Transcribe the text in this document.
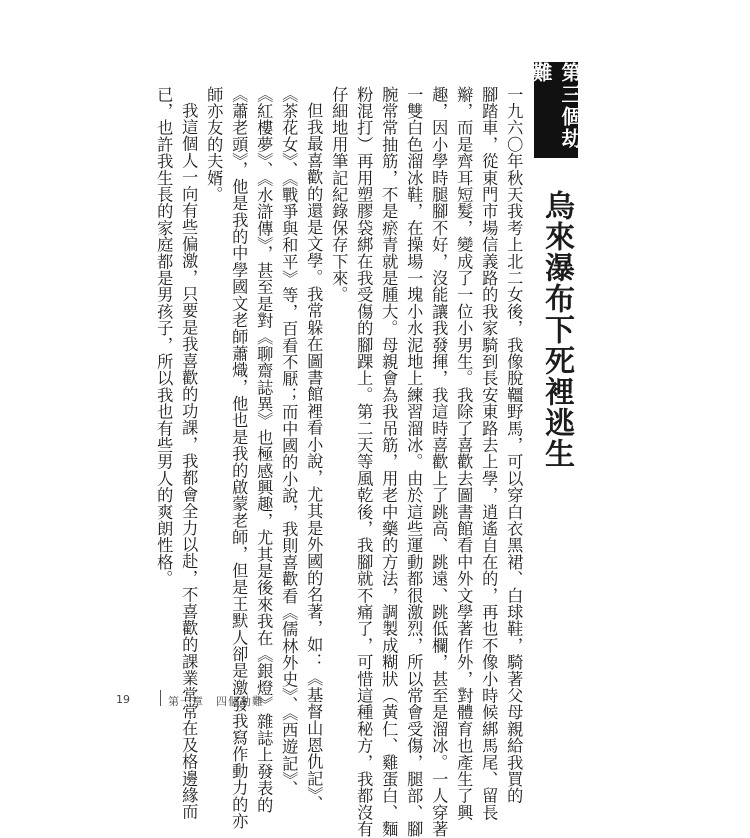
第三個劫難
烏來瀑布下死裡逃生
一九六〇年秋天我考上北二女後，我像脫韁野馬，可以穿白衣黑裙、白球鞋，騎著父母親給我買的
腳踏車，從東門市場信義路的我家騎到長安東路去上學，逍遙自在的，再也不像小時候綁馬尾、留長
辮，而是齊耳短髮，變成了一位小男生。我除了喜歡去圖書館看中外文學著作外，對體育也產生了興
趣，因小學時腿腳不好，沒能讓我發揮，我這時喜歡上了跳高、跳遠、跳低欄，甚至是溜冰。一人穿著
一雙白色溜冰鞋，在操場一塊小水泥地上練習溜冰。由於這些運動都很激烈，所以常會受傷，腿部、腳
腕常常抽筋，不是瘀青就是腫大。母親會為我吊筋，用老中藥的方法，調製成糊狀（黃仁、雞蛋白、麵
粉混打）再用塑膠袋綁在我受傷的腳踝上。第二天等風乾後，我腳就不痛了，可惜這種秘方，我都沒有
仔細地用筆記紀錄保存下來。
但我最喜歡的還是文學。我常躲在圖書館裡看小說，尤其是外國的名著，如：《基督山恩仇記》、
《茶花女》、《戰爭與和平》等，百看不厭；而中國的小說，我則喜歡看《儒林外史》、《西遊記》、
《紅樓夢》、《水滸傳》，甚至是對《聊齋誌異》也極感興趣，尤其是後來我在《銀燈》雜誌上發表的
《蕭老頭》，他是我的中學國文老師蕭熾，他也是我的啟蒙老師，但是王默人卻是激發我寫作動力的亦
師亦友的夫婿。
我這個人一向有些偏激，只要是我喜歡的功課，我都會全力以赴，不喜歡的課業常常在及格邊緣而
已，也許我生長的家庭都是男孩子，所以我也有些男人的爽朗性格。
19	第一章　四個劫難
